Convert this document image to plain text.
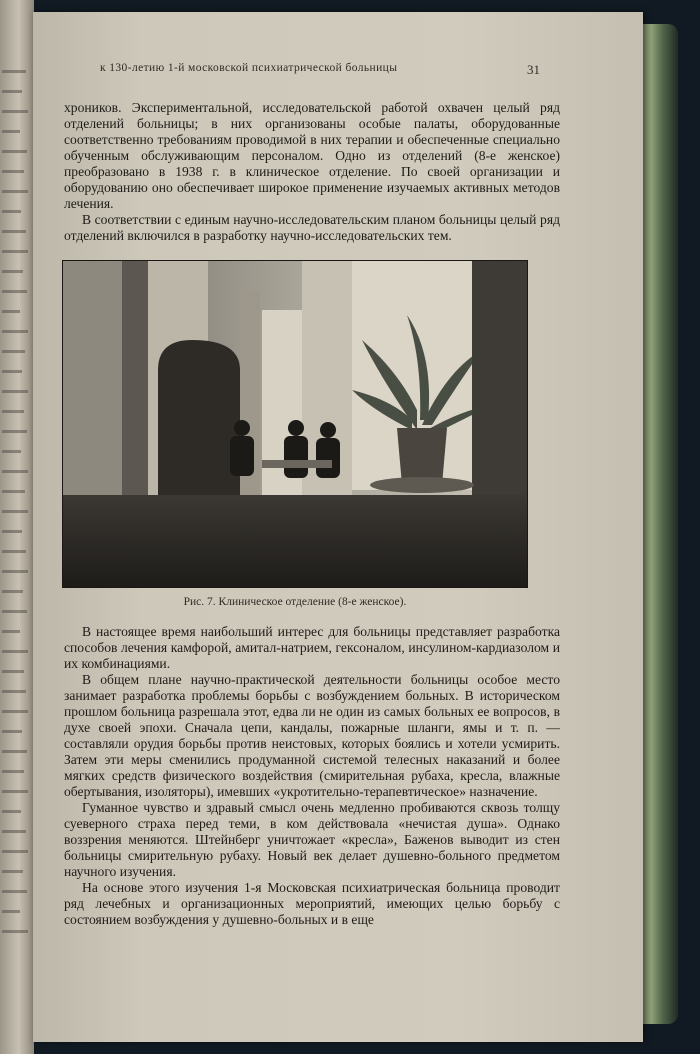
к 130-летию 1-й московской психиатрической больницы	31

хроников. Экспериментальной, исследовательской работой охвачен целый ряд отделений больницы; в них организованы особые палаты, оборудованные соответственно требованиям проводимой в них терапии и обеспеченные специально обученным обслуживающим персоналом. Одно из отделений (8-е женское) преобразовано в 1938 г. в клиническое отделение. По своей организации и оборудованию оно обеспечивает широкое применение изучаемых активных методов лечения.

В соответствии с единым научно-исследовательским планом больницы целый ряд отделений включился в разработку научно-исследовательских тем.

Рис. 7. Клиническое отделение (8-е женское).

В настоящее время наибольший интерес для больницы представляет разработка способов лечения камфорой, амитал-натрием, гексоналом, инсулином-кардиазолом и их комбинациями.

В общем плане научно-практической деятельности больницы особое место занимает разработка проблемы борьбы с возбуждением больных. В историческом прошлом больница разрешала этот, едва ли не один из самых больных ее вопросов, в духе своей эпохи. Сначала цепи, кандалы, пожарные шланги, ямы и т. п. — составляли орудия борьбы против неистовых, которых боялись и хотели усмирить. Затем эти меры сменились продуманной системой телесных наказаний и более мягких средств физического воздействия (смирительная рубаха, кресла, влажные обертывания, изоляторы), имевших «укротительно-терапевтическое» назначение.

Гуманное чувство и здравый смысл очень медленно пробиваются сквозь толщу суеверного страха перед теми, в ком действовала «нечистая душа». Однако воззрения меняются. Штейнберг уничтожает «кресла», Баженов выводит из стен больницы смирительную рубаху. Новый век делает душевно-больного предметом научного изучения.

На основе этого изучения 1-я Московская психиатрическая больница проводит ряд лечебных и организационных мероприятий, имеющих целью борьбу с состоянием возбуждения у душевно-больных и в еще
